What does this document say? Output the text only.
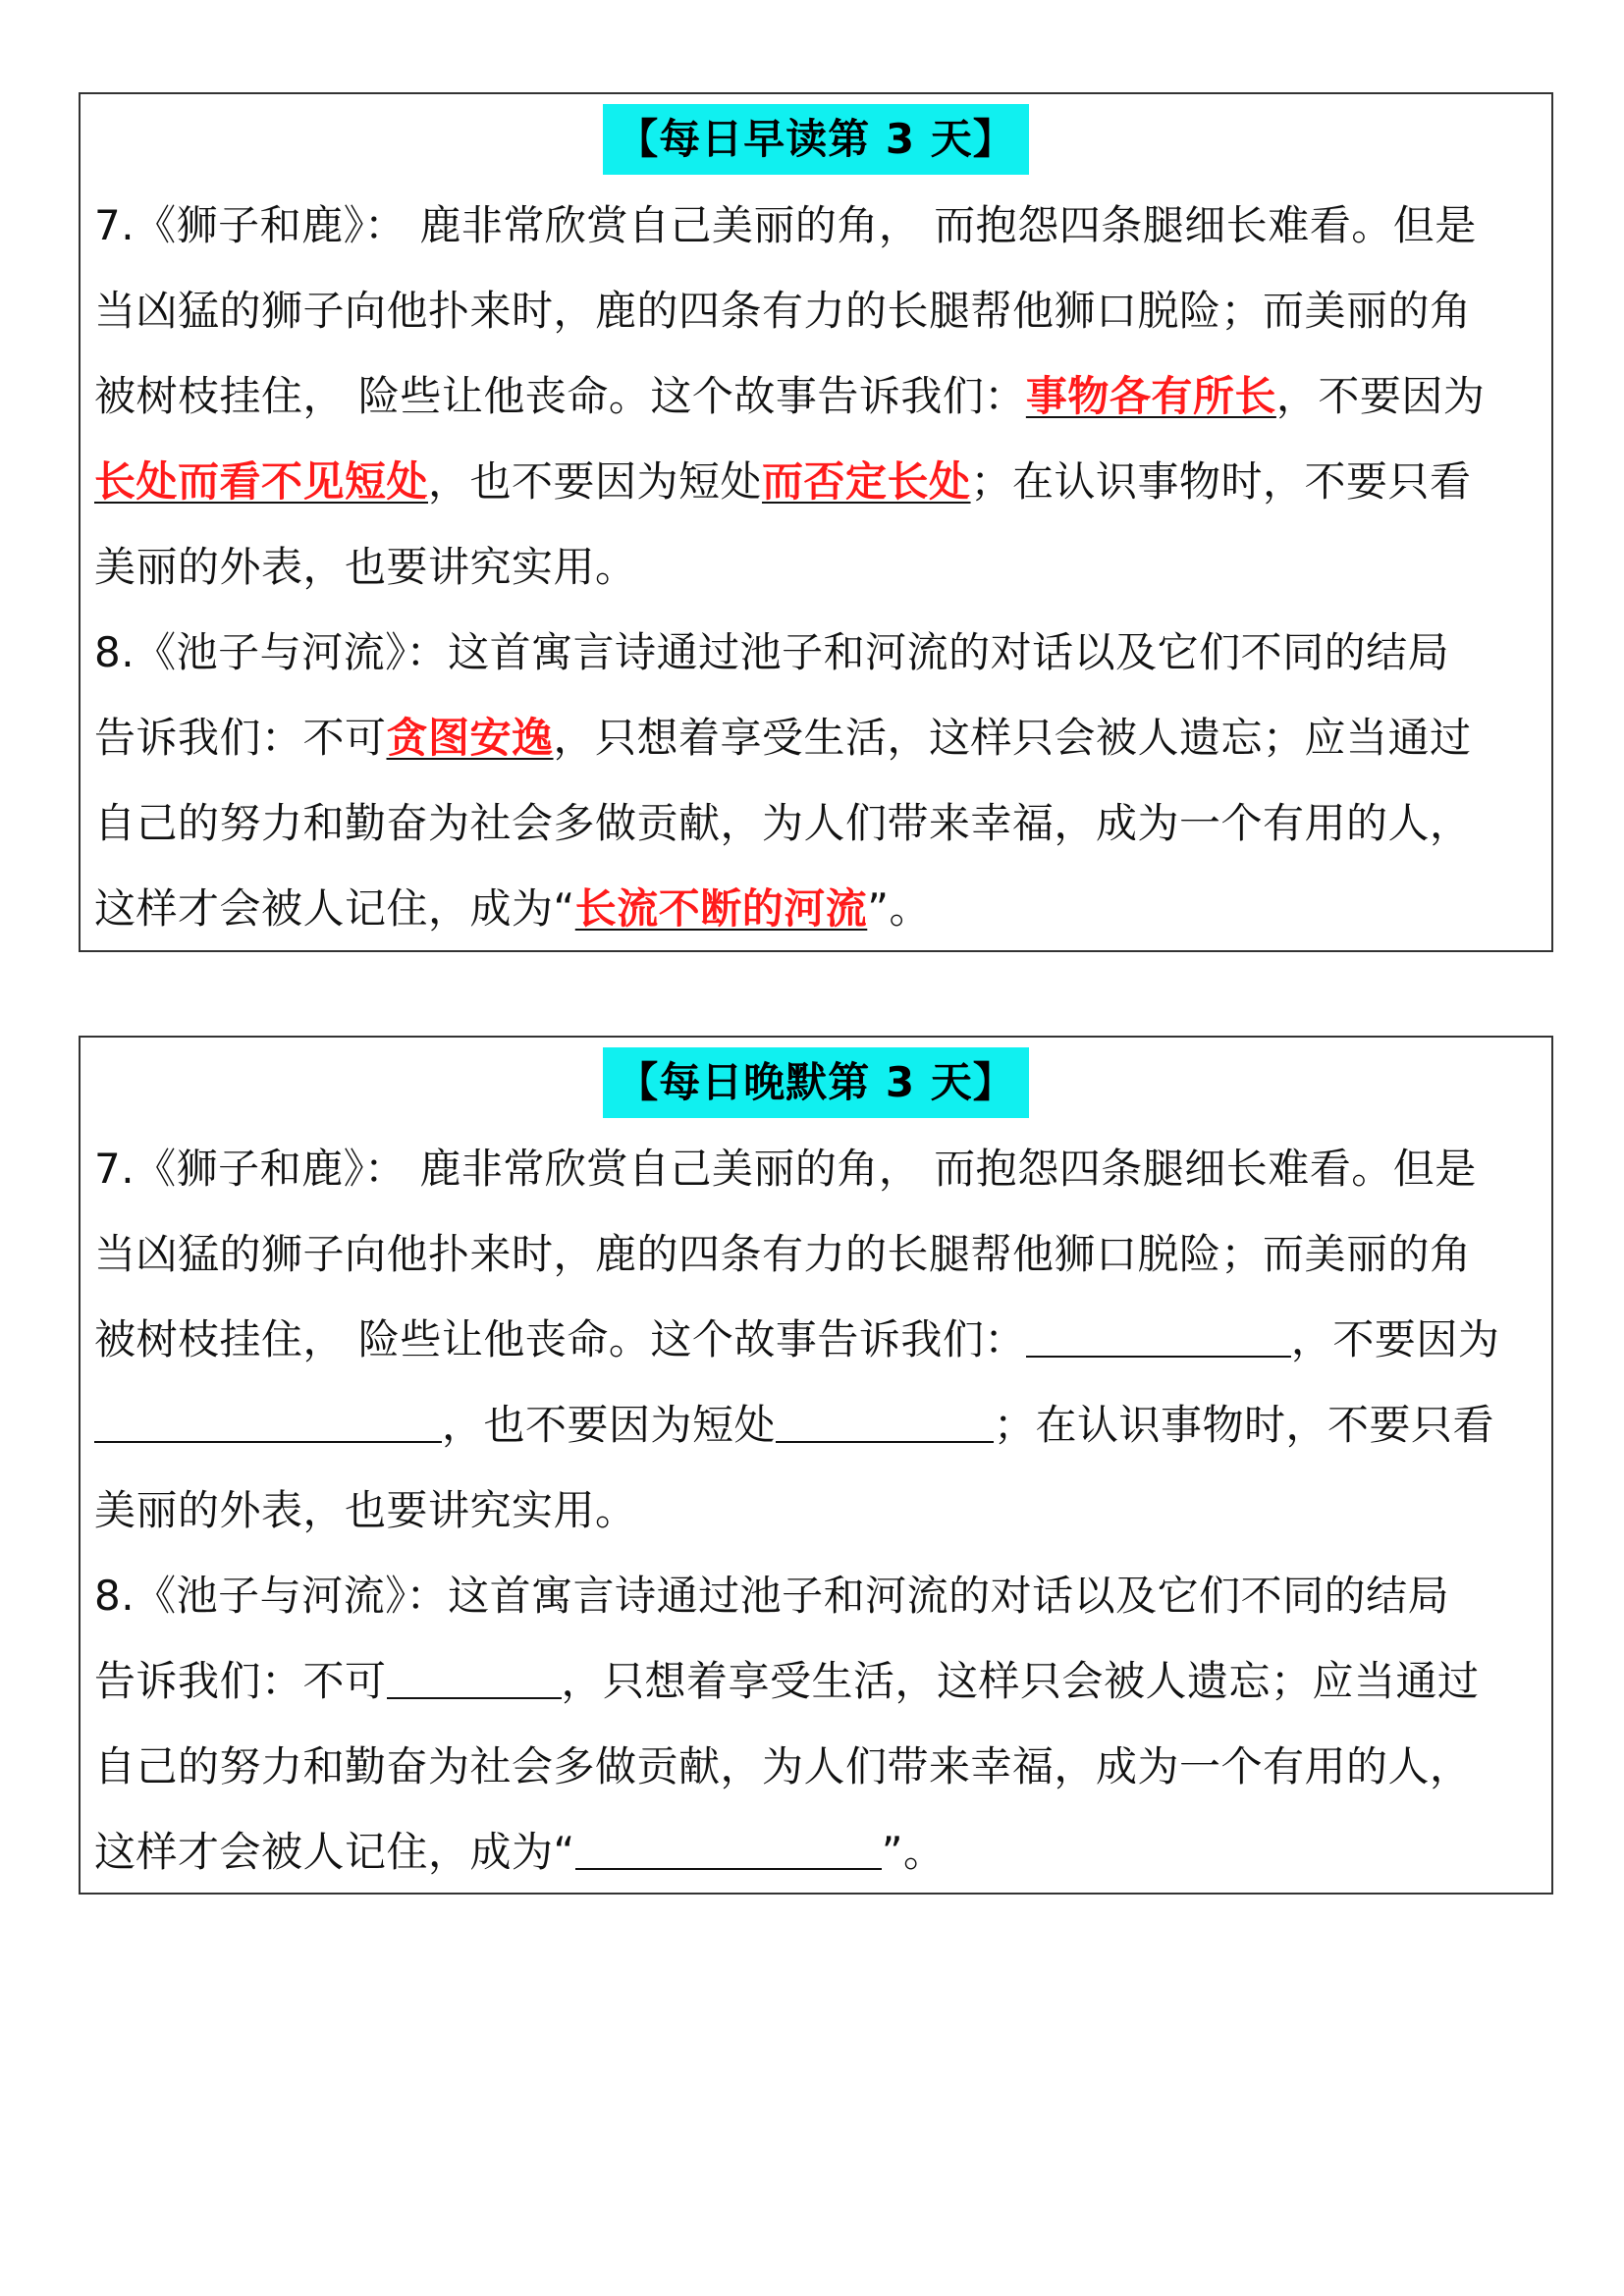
【每日早读第 3 天】
7.《狮子和鹿》： 鹿非常欣赏自己美丽的角， 而抱怨四条腿细长难看。但是
当凶猛的狮子向他扑来时，鹿的四条有力的长腿帮他狮口脱险；而美丽的角
被树枝挂住， 险些让他丧命。这个故事告诉我们：事物各有所长，不要因为
长处而看不见短处，也不要因为短处而否定长处；在认识事物时，不要只看
美丽的外表，也要讲究实用。
8.《池子与河流》：这首寓言诗通过池子和河流的对话以及它们不同的结局
告诉我们：不可贪图安逸，只想着享受生活，这样只会被人遗忘；应当通过
自己的努力和勤奋为社会多做贡献，为人们带来幸福，成为一个有用的人，
这样才会被人记住，成为“长流不断的河流”。
【每日晚默第 3 天】
7.《狮子和鹿》： 鹿非常欣赏自己美丽的角， 而抱怨四条腿细长难看。但是
当凶猛的狮子向他扑来时，鹿的四条有力的长腿帮他狮口脱险；而美丽的角
被树枝挂住， 险些让他丧命。这个故事告诉我们：	，不要因为
，也不要因为短处	；在认识事物时，不要只看
美丽的外表，也要讲究实用。
8.《池子与河流》：这首寓言诗通过池子和河流的对话以及它们不同的结局
告诉我们：不可	，只想着享受生活，这样只会被人遗忘；应当通过
自己的努力和勤奋为社会多做贡献，为人们带来幸福，成为一个有用的人，
这样才会被人记住，成为“	”。
